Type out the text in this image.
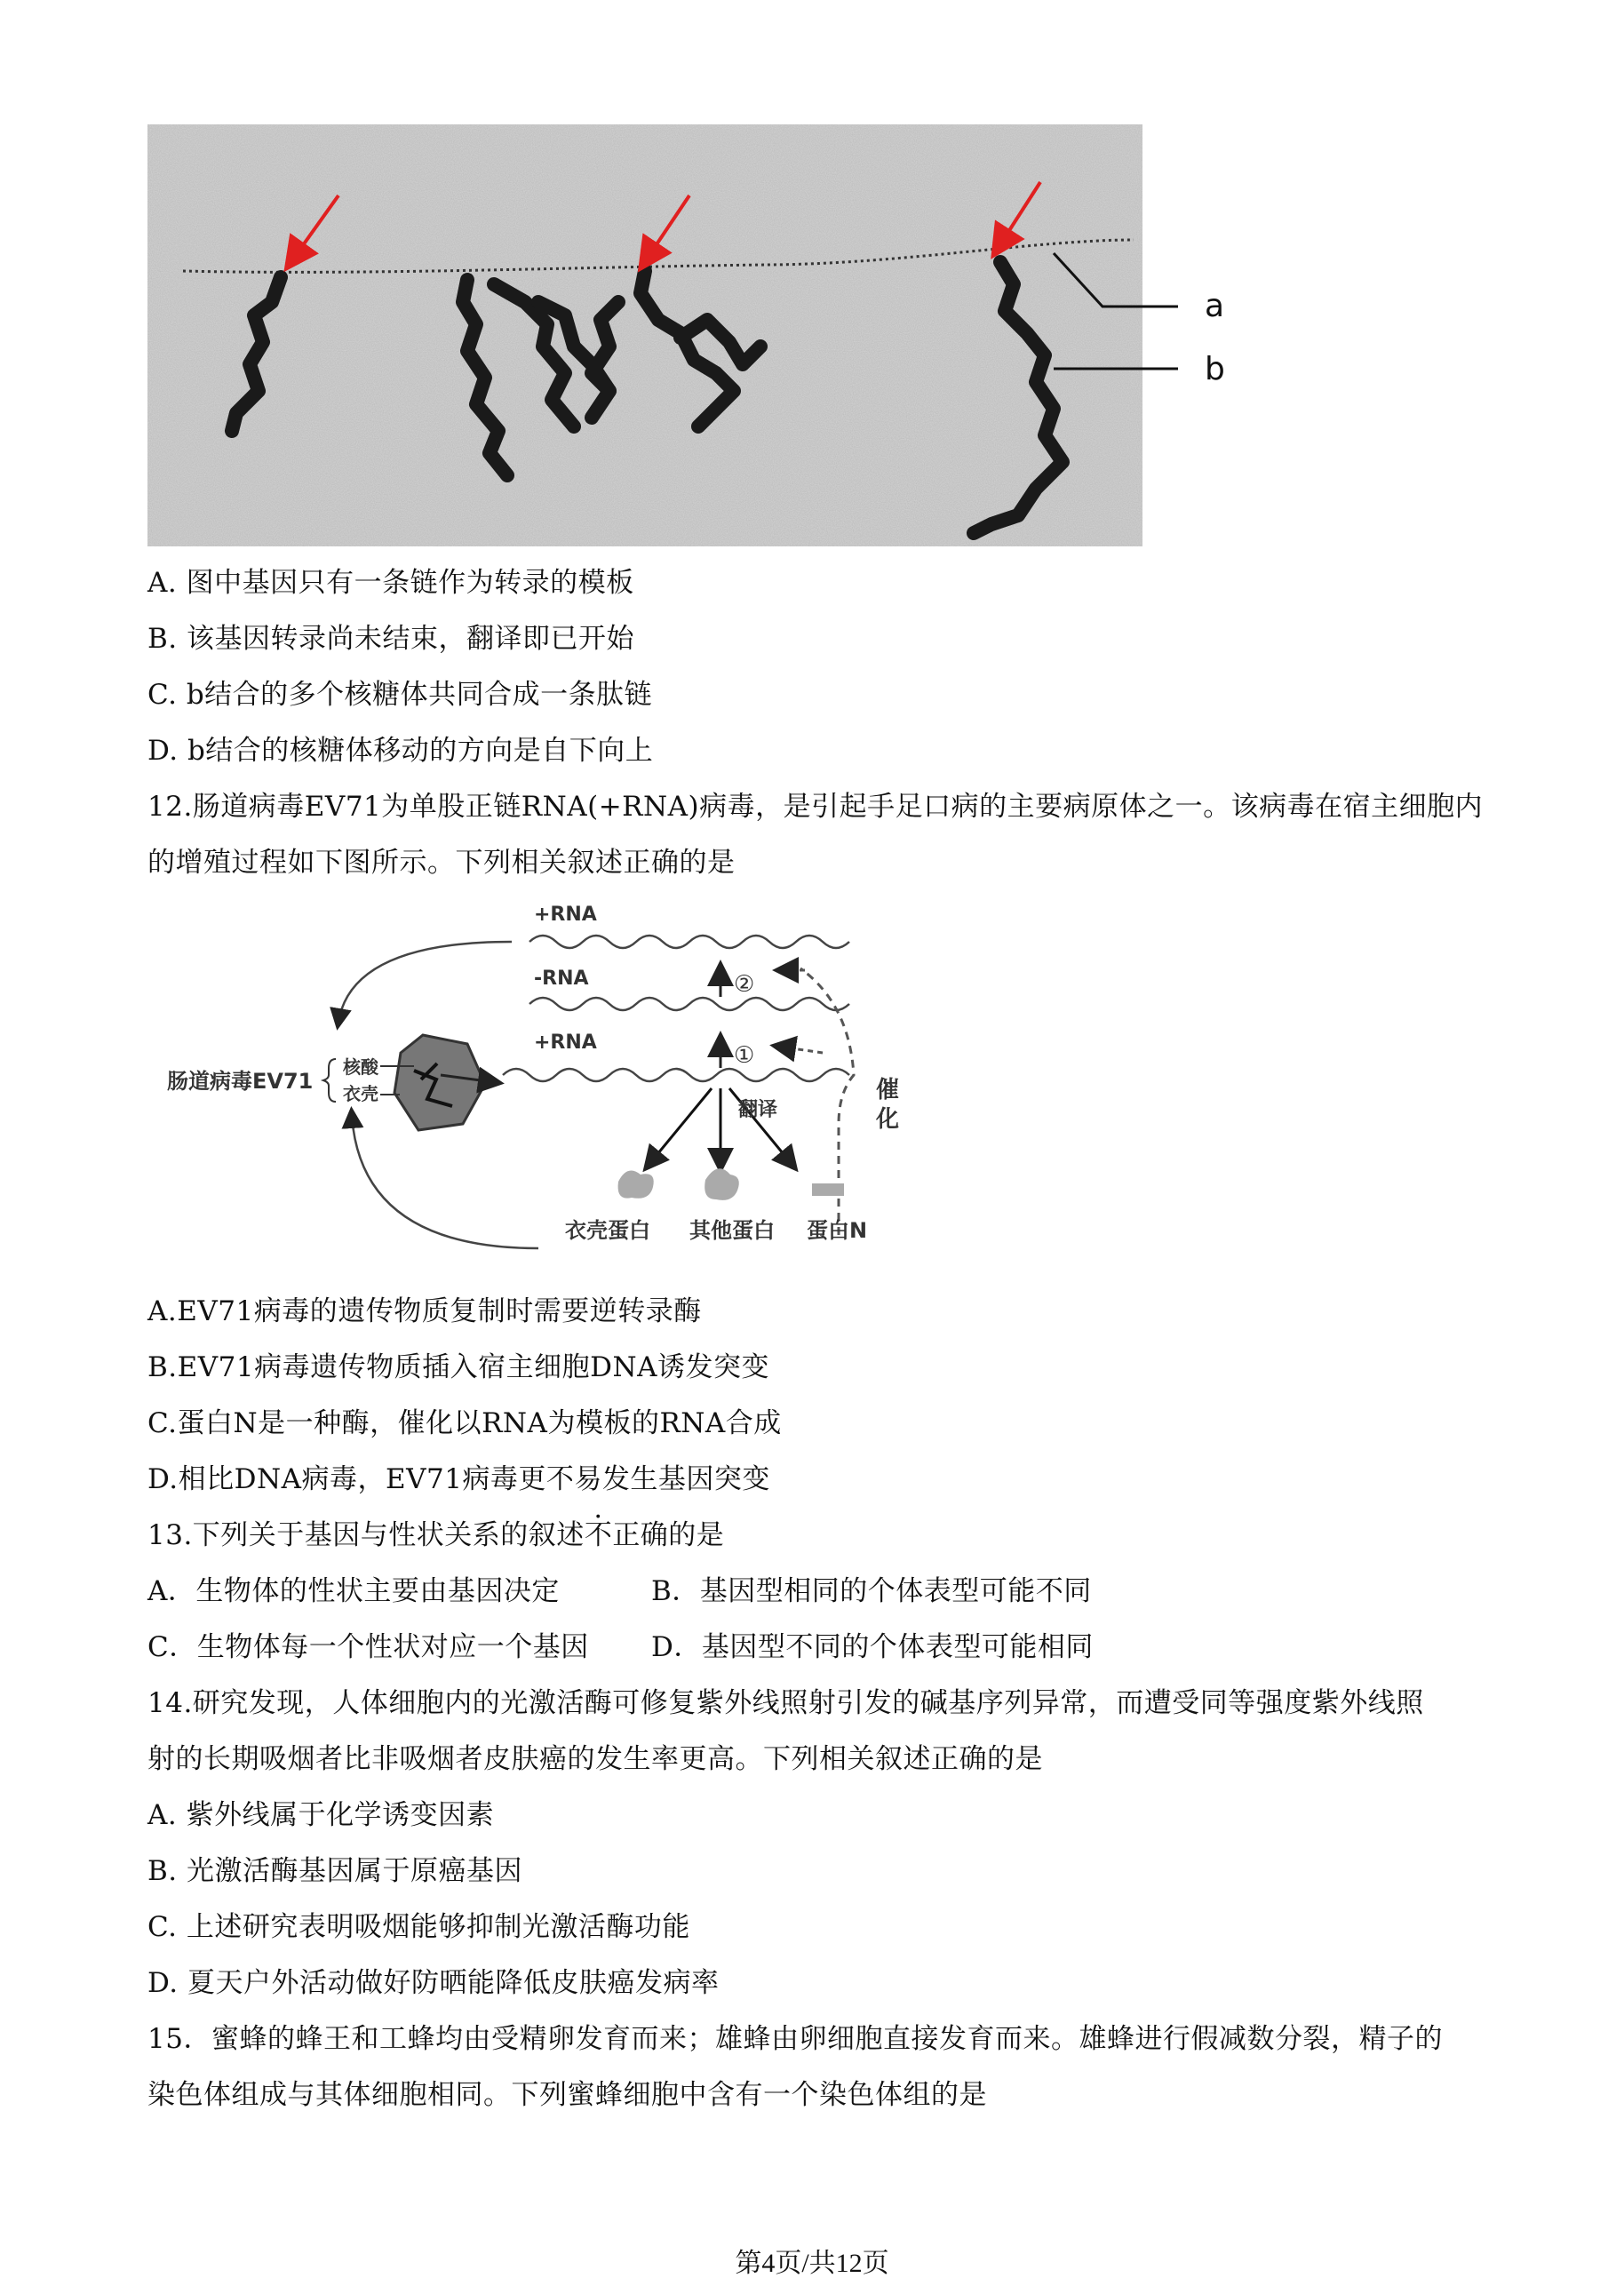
a
b
A. 图中基因只有一条链作为转录的模板
B. 该基因转录尚未结束，翻译即已开始
C. b结合的多个核糖体共同合成一条肽链
D. b结合的核糖体移动的方向是自下向上
12.肠道病毒EV71为单股正链RNA(+RNA)病毒，是引起手足口病的主要病原体之一。该病毒在宿主细胞内
的增殖过程如下图所示。下列相关叙述正确的是
+RNA
-RNA	②
+RNA	①
催
化
肠道病毒EV71
核酸
衣壳
翻译
衣壳蛋白 其他蛋白 蛋白N
A.EV71病毒的遗传物质复制时需要逆转录酶
B.EV71病毒遗传物质插入宿主细胞DNA诱发突变
C.蛋白N是一种酶，催化以RNA为模板的RNA合成
D.相比DNA病毒，EV71病毒更不易发生基因突变
13.下列关于基因与性状关系的叙述不正确的是
A．生物体的性状主要由基因决定	B．基因型相同的个体表型可能不同
C．生物体每一个性状对应一个基因 D．基因型不同的个体表型可能相同
14.研究发现，人体细胞内的光激活酶可修复紫外线照射引发的碱基序列异常，而遭受同等强度紫外线照
射的长期吸烟者比非吸烟者皮肤癌的发生率更高。下列相关叙述正确的是
A. 紫外线属于化学诱变因素
B. 光激活酶基因属于原癌基因
C. 上述研究表明吸烟能够抑制光激活酶功能
D. 夏天户外活动做好防晒能降低皮肤癌发病率
15．蜜蜂的蜂王和工蜂均由受精卵发育而来；雄蜂由卵细胞直接发育而来。雄蜂进行假减数分裂，精子的
染色体组成与其体细胞相同。下列蜜蜂细胞中含有一个染色体组的是
第4页/共12页
